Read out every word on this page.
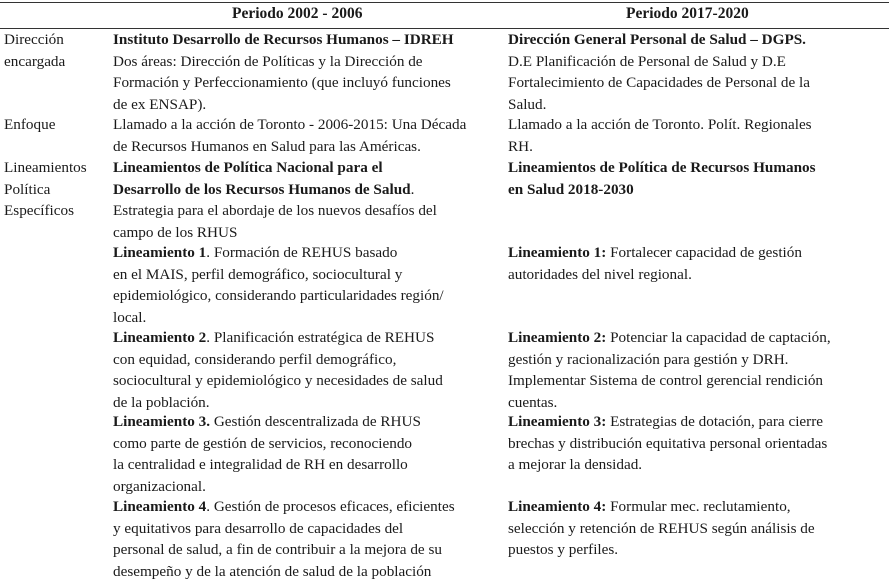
Periodo 2002 - 2006	Periodo 2017-2020

Dirección

encargada

Instituto Desarrollo de Recursos Humanos – IDREH

Dos áreas: Dirección de Políticas y la Dirección de

Formación y Perfeccionamiento (que incluyó funciones

de ex ENSAP).

Dirección General Personal de Salud – DGPS.

D.E Planificación de Personal de Salud y D.E

Fortalecimiento de Capacidades de Personal de la

Salud.

Enfoque	Llamado a la acción de Toronto - 2006-2015: Una Década

de Recursos Humanos en Salud para las Américas.

Llamado a la acción de Toronto. Polít. Regionales

RH.

Lineamientos

Política

Específicos

Lineamientos de Política Nacional para el

Desarrollo de los Recursos Humanos de Salud.

Estrategia para el abordaje de los nuevos desafíos del

campo de los RHUS

Lineamientos de Política de Recursos Humanos

en Salud 2018-2030

Lineamiento 1. Formación de REHUS basado

en el MAIS, perfil demográfico, sociocultural y

epidemiológico, considerando particularidades región/

local.

Lineamiento 1: Fortalecer capacidad de gestión

autoridades del nivel regional.

Lineamiento 2. Planificación estratégica de REHUS

con equidad, considerando perfil demográfico,

sociocultural y epidemiológico y necesidades de salud

de la población.

Lineamiento 2: Potenciar la capacidad de captación,

gestión y racionalización para gestión y DRH.

Implementar Sistema de control gerencial rendición

cuentas.

Lineamiento 3. Gestión descentralizada de RHUS

como parte de gestión de servicios, reconociendo

la centralidad e integralidad de RH en desarrollo

organizacional.

Lineamiento 3: Estrategias de dotación, para cierre

brechas y distribución equitativa personal orientadas

a mejorar la densidad.

Lineamiento 4. Gestión de procesos eficaces, eficientes

y equitativos para desarrollo de capacidades del

personal de salud, a fin de contribuir a la mejora de su

desempeño y de la atención de salud de la población

Lineamiento 4: Formular mec. reclutamiento,

selección y retención de REHUS según análisis de

puestos y perfiles.
